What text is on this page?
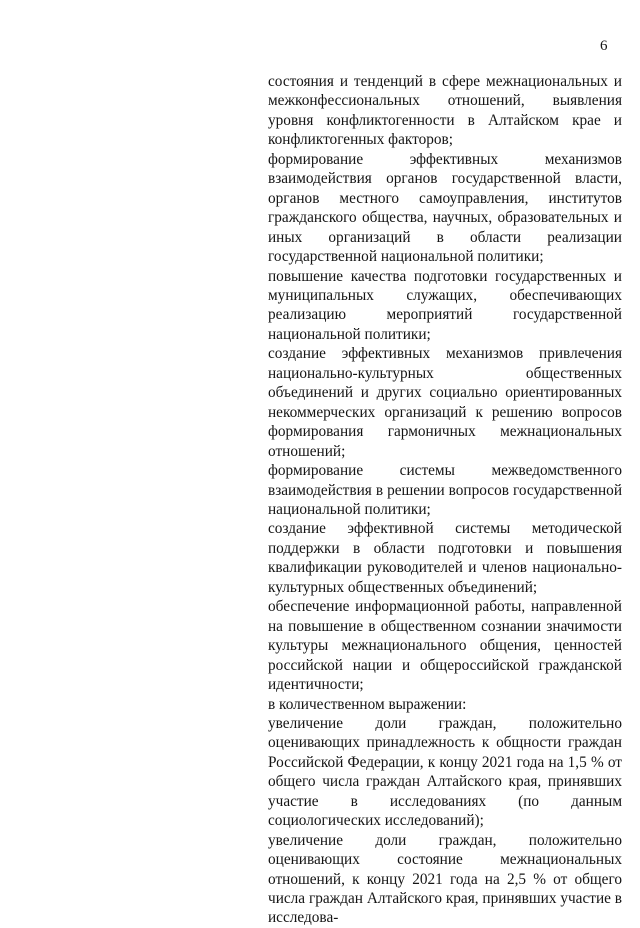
6

состояния и тенденций в сфере межнациональных и межконфессиональных отношений, выявления уровня конфликтогенности в Алтайском крае и конфликтогенных факторов;

формирование эффективных механизмов взаимодействия органов государственной власти, органов местного самоуправления, институтов гражданского общества, научных, образовательных и иных организаций в области реализации государственной национальной политики;

повышение качества подготовки государственных и муниципальных служащих, обеспечивающих реализацию мероприятий государственной национальной политики;

создание эффективных механизмов привлечения национально-культурных общественных объединений и других социально ориентированных некоммерческих организаций к решению вопросов формирования гармоничных межнациональных отношений;

формирование системы межведомственного взаимодействия в решении вопросов государственной национальной политики;

создание эффективной системы методической поддержки в области подготовки и повышения квалификации руководителей и членов национально-культурных общественных объединений;

обеспечение информационной работы, направленной на повышение в общественном сознании значимости культуры межнационального общения, ценностей российской нации и общероссийской гражданской идентичности;

в количественном выражении:

увеличение доли граждан, положительно оценивающих принадлежность к общности граждан Российской Федерации, к концу 2021 года на 1,5 % от общего числа граждан Алтайского края, принявших участие в исследованиях (по данным социологических исследований);

увеличение доли граждан, положительно оценивающих состояние межнациональных отношений, к концу 2021 года на 2,5 % от общего числа граждан Алтайского края, принявших участие в исследова-
